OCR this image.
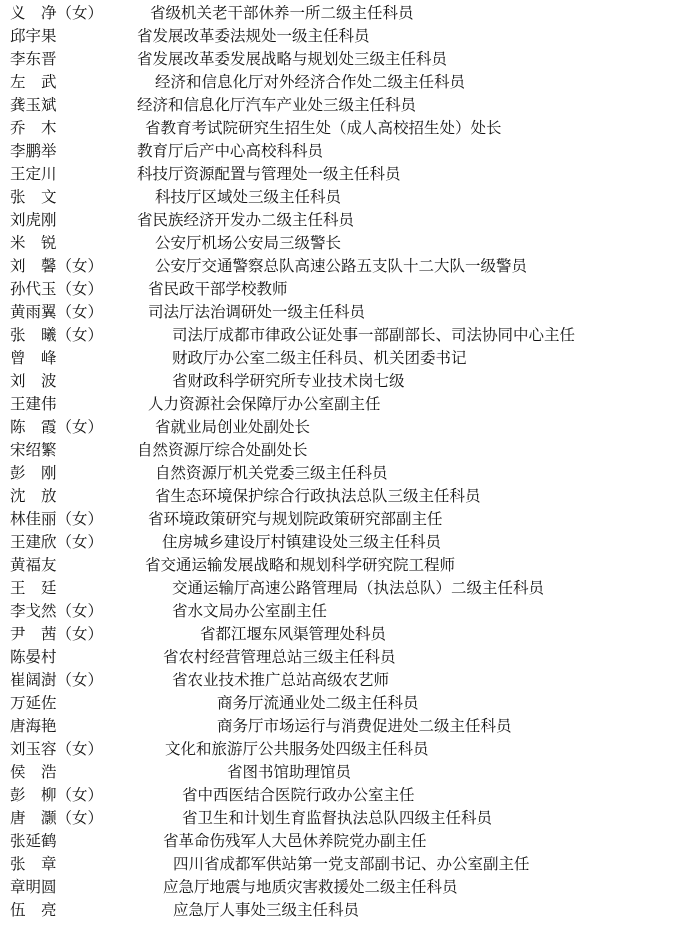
义　净（女）	省级机关老干部休养一所二级主任科员
邱宇果	省发展改革委法规处一级主任科员
李东晋	省发展改革委发展战略与规划处三级主任科员
左　武	经济和信息化厅对外经济合作处二级主任科员
龚玉斌	经济和信息化厅汽车产业处三级主任科员
乔　木	省教育考试院研究生招生处（成人高校招生处）处长
李鹏举	教育厅后产中心高校科科员
王定川	科技厅资源配置与管理处一级主任科员
张　文	科技厅区域处三级主任科员
刘虎刚	省民族经济开发办二级主任科员
米　锐	公安厅机场公安局三级警长
刘　馨（女）	公安厅交通警察总队高速公路五支队十二大队一级警员
孙代玉（女）	省民政干部学校教师
黄雨翼（女）	司法厅法治调研处一级主任科员
张　曦（女）	司法厅成都市律政公证处事一部副部长、司法协同中心主任
曾　峰	财政厅办公室二级主任科员、机关团委书记
刘　波	省财政科学研究所专业技术岗七级
王建伟	人力资源社会保障厅办公室副主任
陈　霞（女）	省就业局创业处副处长
宋绍繁	自然资源厅综合处副处长
彭　刚	自然资源厅机关党委三级主任科员
沈　放	省生态环境保护综合行政执法总队三级主任科员
林佳丽（女）	省环境政策研究与规划院政策研究部副主任
王建欣（女）	住房城乡建设厅村镇建设处三级主任科员
黄福友	省交通运输发展战略和规划科学研究院工程师
王　廷	交通运输厅高速公路管理局（执法总队）二级主任科员
李戈然（女）	省水文局办公室副主任
尹　茜（女）	省都江堰东风渠管理处科员
陈晏村	省农村经营管理总站三级主任科员
崔阔澍（女）	省农业技术推广总站高级农艺师
万延佐	商务厅流通业处二级主任科员
唐海艳	商务厅市场运行与消费促进处二级主任科员
刘玉容（女）	文化和旅游厅公共服务处四级主任科员
侯　浩	省图书馆助理馆员
彭　柳（女）	省中西医结合医院行政办公室主任
唐　灏（女）	省卫生和计划生育监督执法总队四级主任科员
张延鹤	省革命伤残军人大邑休养院党办副主任
张　章	四川省成都军供站第一党支部副书记、办公室副主任
章明圆	应急厅地震与地质灾害救援处二级主任科员
伍　亮	应急厅人事处三级主任科员
